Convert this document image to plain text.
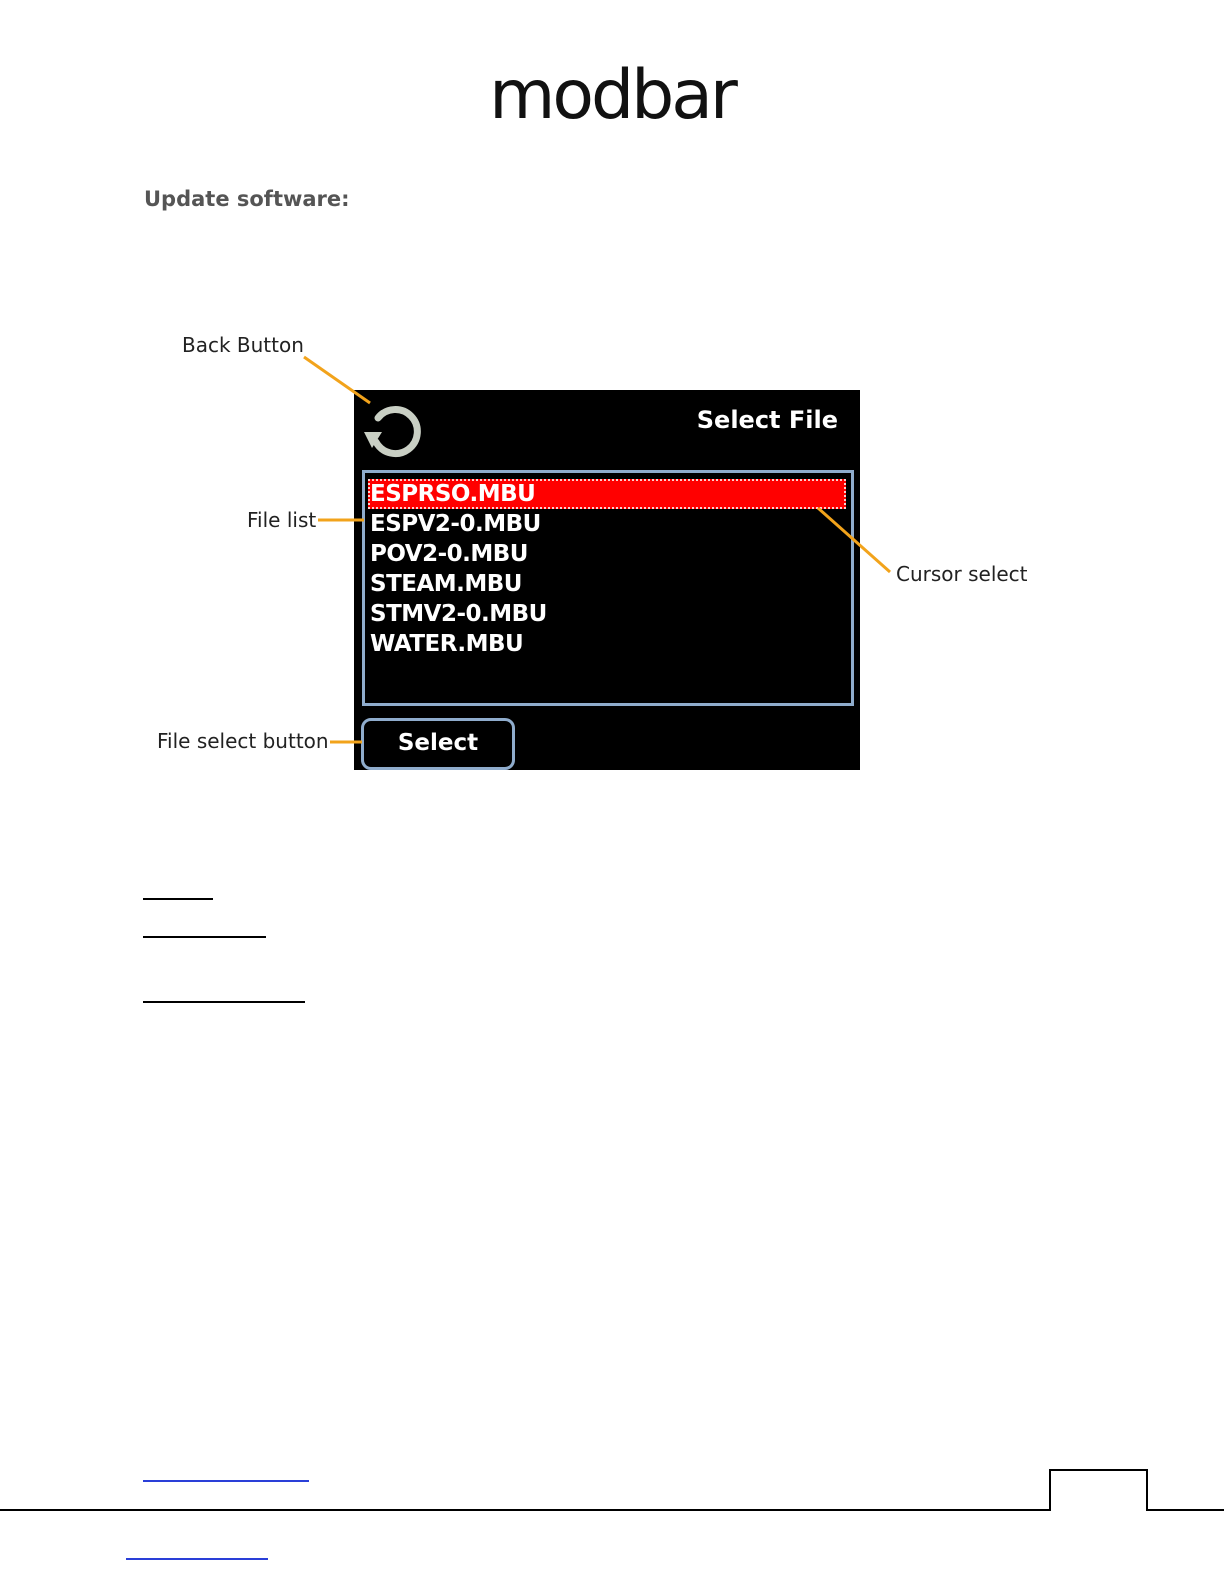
modbar
Update software:
Back Button
File list
File select button
Cursor select
Select File
ESPRSO.MBU
ESPV2-0.MBU
POV2-0.MBU
STEAM.MBU
STMV2-0.MBU
WATER.MBU
Select
